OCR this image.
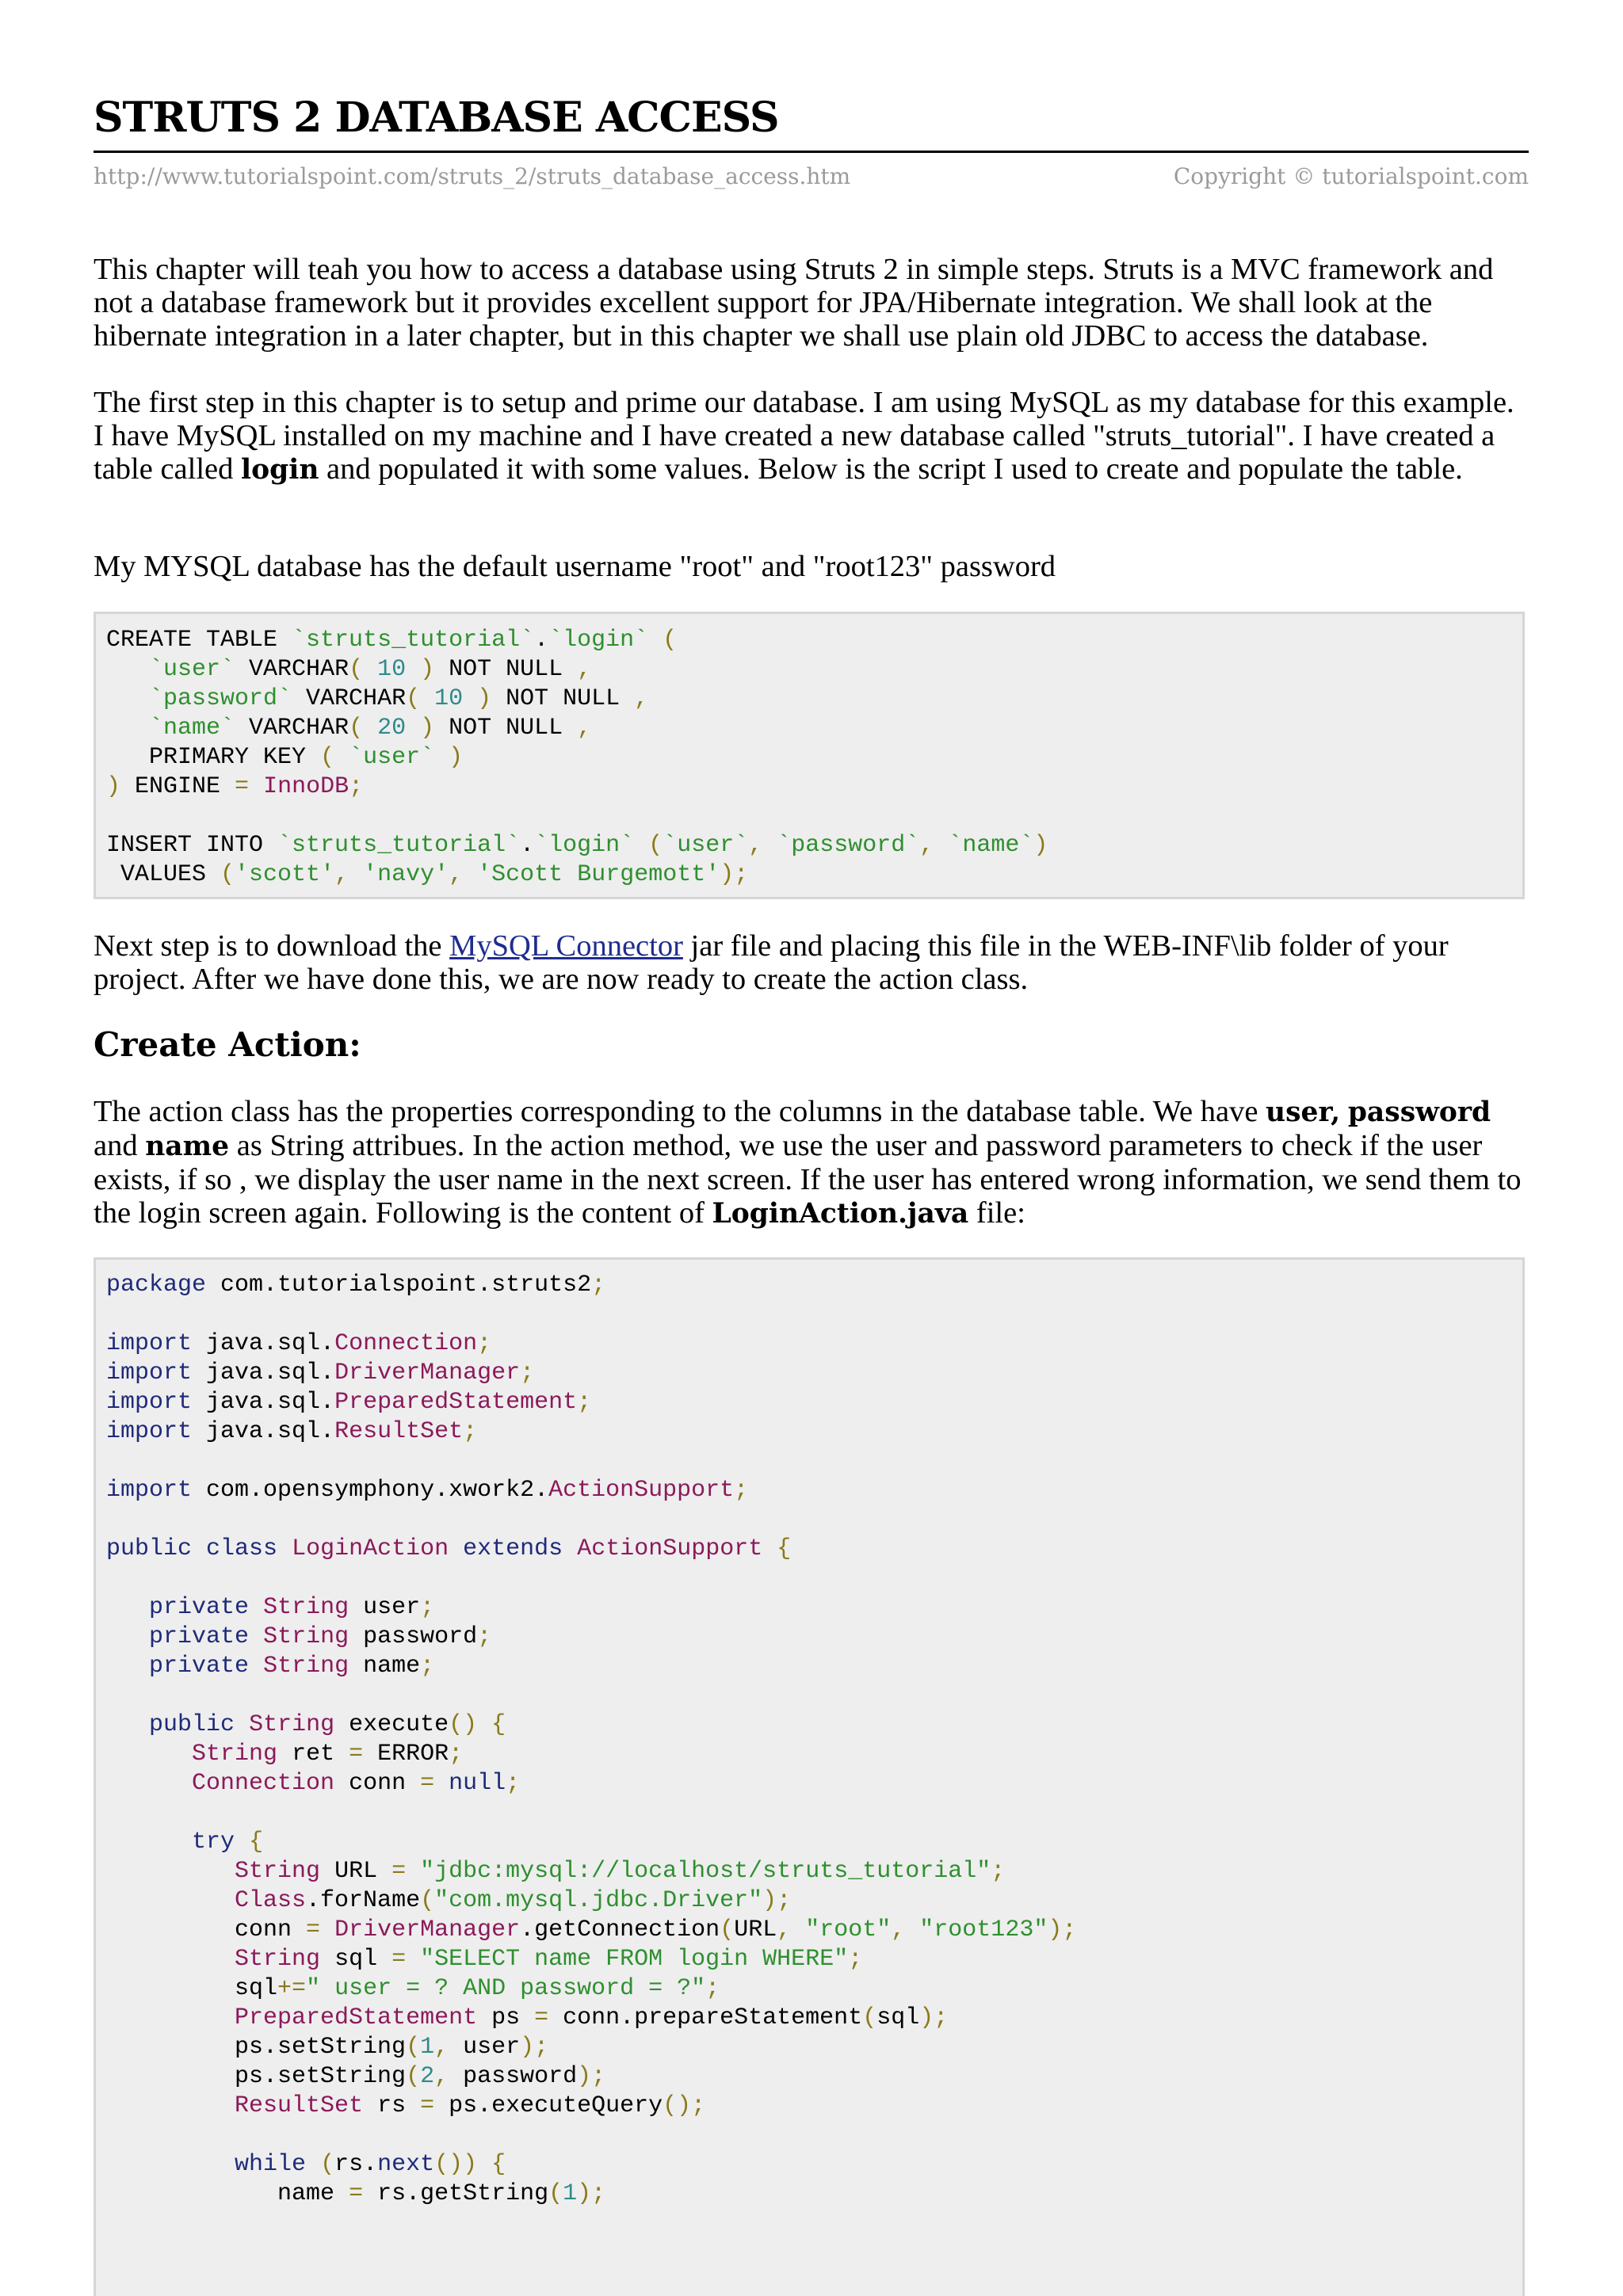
STRUTS 2 DATABASE ACCESS
http://www.tutorialspoint.com/struts_2/struts_database_access.htm	Copyright © tutorialspoint.com

This chapter will teah you how to access a database using Struts 2 in simple steps. Struts is a MVC framework and not a database framework but it provides excellent support for JPA/Hibernate integration. We shall look at the hibernate integration in a later chapter, but in this chapter we shall use plain old JDBC to access the database.

The first step in this chapter is to setup and prime our database. I am using MySQL as my database for this example. I have MySQL installed on my machine and I have created a new database called "struts_tutorial". I have created a table called login and populated it with some values. Below is the script I used to create and populate the table.

My MYSQL database has the default username "root" and "root123" password

CREATE TABLE `struts_tutorial`.`login` (
`user` VARCHAR( 10 ) NOT NULL ,
`password` VARCHAR( 10 ) NOT NULL ,
`name` VARCHAR( 20 ) NOT NULL ,
PRIMARY KEY ( `user` )
) ENGINE = InnoDB;

INSERT INTO `struts_tutorial`.`login` (`user`, `password`, `name`)
VALUES ('scott', 'navy', 'Scott Burgemott');

Next step is to download the MySQL Connector jar file and placing this file in the WEB-INF\lib folder of your project. After we have done this, we are now ready to create the action class.

Create Action:

The action class has the properties corresponding to the columns in the database table. We have user, password and name as String attribues. In the action method, we use the user and password parameters to check if the user exists, if so , we display the user name in the next screen. If the user has entered wrong information, we send them to the login screen again. Following is the content of LoginAction.java file:

package com.tutorialspoint.struts2;

import java.sql.Connection;
import java.sql.DriverManager;
import java.sql.PreparedStatement;
import java.sql.ResultSet;

import com.opensymphony.xwork2.ActionSupport;

public class LoginAction extends ActionSupport {

private String user;
private String password;
private String name;

public String execute() {
String ret = ERROR;
Connection conn = null;

try {
String URL = "jdbc:mysql://localhost/struts_tutorial";
Class.forName("com.mysql.jdbc.Driver");
conn = DriverManager.getConnection(URL, "root", "root123");
String sql = "SELECT name FROM login WHERE";
sql+=" user = ? AND password = ?";
PreparedStatement ps = conn.prepareStatement(sql);
ps.setString(1, user);
ps.setString(2, password);
ResultSet rs = ps.executeQuery();

while (rs.next()) {
name = rs.getString(1);
